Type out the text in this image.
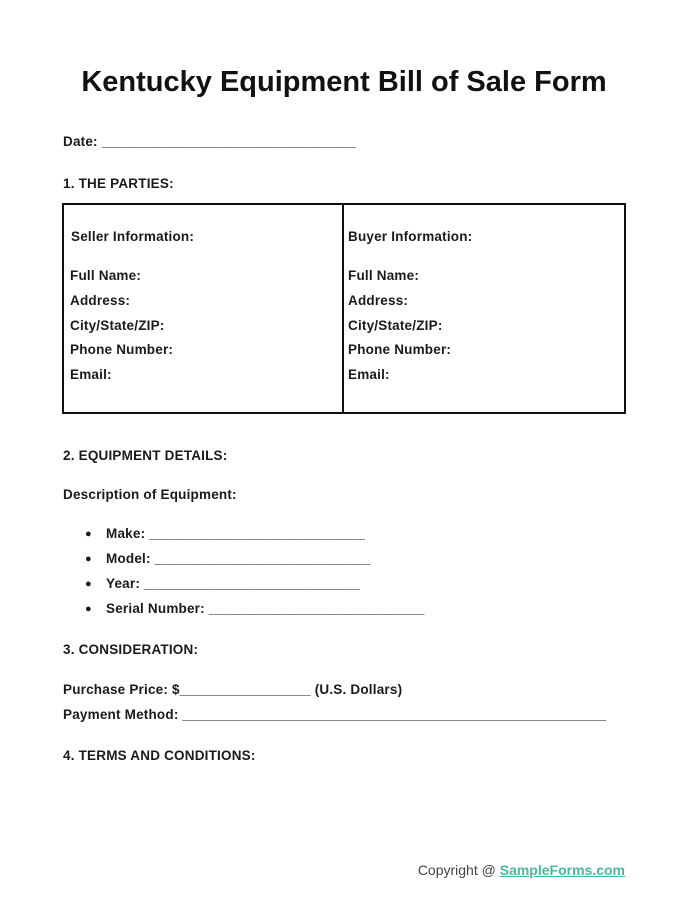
Kentucky Equipment Bill of Sale Form
Date: _________________________________
1. THE PARTIES:
Seller Information:
Full Name:
Address:
City/State/ZIP:
Phone Number:
Email:
Buyer Information:
Full Name:
Address:
City/State/ZIP:
Phone Number:
Email:
2. EQUIPMENT DETAILS:
Description of Equipment:
● Make: ____________________________
● Model: ____________________________
● Year: ____________________________
● Serial Number: ____________________________
3. CONSIDERATION:
Purchase Price: $_________________ (U.S. Dollars)
Payment Method: _______________________________________________________
4. TERMS AND CONDITIONS:
Copyright @ SampleForms.com
